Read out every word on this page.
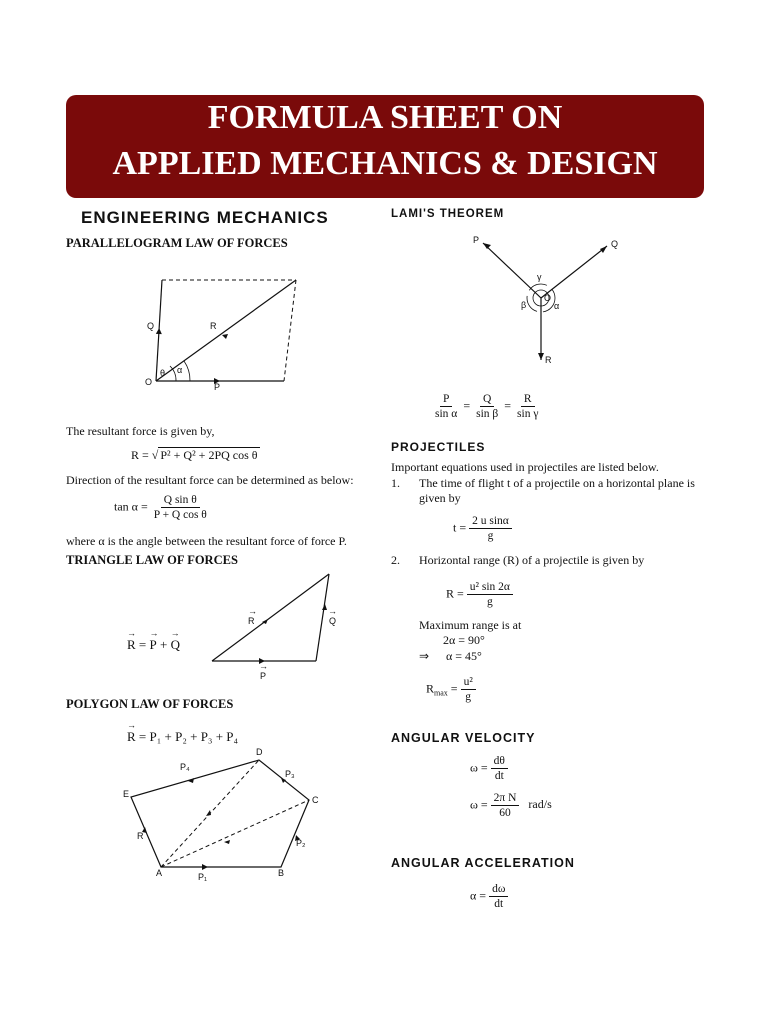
FORMULA SHEET ON
APPLIED MECHANICS & DESIGN
ENGINEERING MECHANICS
PARALLELOGRAM LAW OF FORCES
Q	R
O	P
θ α
The resultant force is given by,
R = √ P² + Q² + 2PQ cos θ
Direction of the resultant force can be determined as below:
$\tan \alpha = \frac{\text{Q sin θ}}{\text{P + Q cos θ}}$
where α is the angle between the resultant force of force P.
TRIANGLE LAW OF FORCES
→ R = → P + → Q
R	Q
P
→	→
→
POLYGON LAW OF FORCES
→ R = P₁ + P₂ + P₃ + P₄
A	B
C
D
E
R
P₁
P₂
P₃
P₄
LAMI'S THEOREM
P	Q
R
O
α
β
γ
$\frac{P}{\text{sin α}} = \frac{Q}{\text{sin β}} = \frac{R}{\text{sin γ}}$
PROJECTILES
Important equations used in projectiles are listed below.
1. The time of flight t of a projectile on a horizontal plane is given by
$t = \frac{\text{2 u sinα}}{g}$
2. Horizontal range (R) of a projectile is given by
$R = \frac{\text{u² sin 2α}}{g}$
Maximum range is at
2α = 90°
⇒ α = 45°
$R_{max} = \frac{\text{u²}}{g}$
ANGULAR VELOCITY
$\omega = \frac{d\theta}{dt}$
$\omega = \frac{\text{2π N}}{60} rad/s$
ANGULAR ACCELERATION
$\alpha = \frac{d\omega}{dt}$
